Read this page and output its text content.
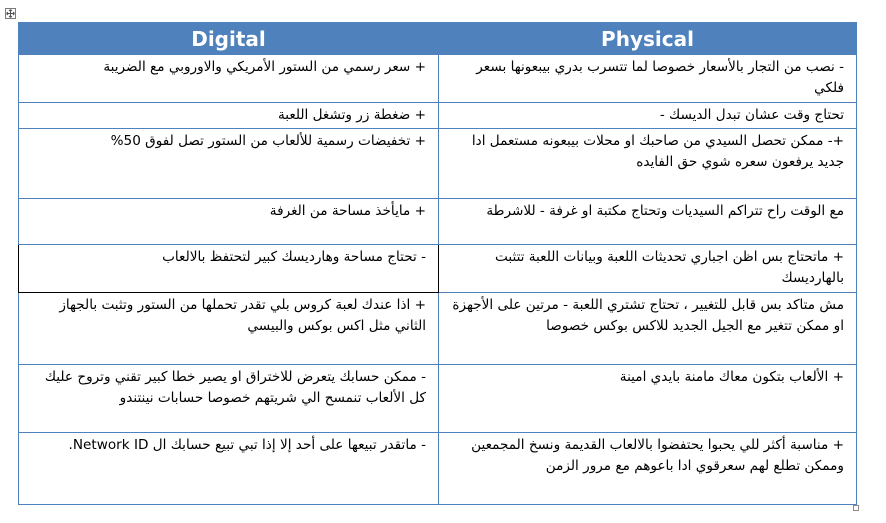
Digital	Physical
+ سعر رسمي من الستور الأمريكي والاوروبي مع الضريبة	- نصب من التجار بالأسعار خصوصا لما تتسرب بدري بيبعونها بسعر فلكي
+ ضغطة زر وتشغل اللعبة	تحتاج وقت عشان تبدل الديسك -
+ تخفيضات رسمية للألعاب من الستور تصل لفوق 50%	+- ممكن تحصل السيدي من صاحبك او محلات بيبعونه مستعمل ادا جديد يرفعون سعره شوي حق الفايده
+ مايأخذ مساحة من الغرفة	مع الوقت راح تتراكم السيديات وتحتاج مكتبة او غرفة - للاشرطة
- تحتاج مساحة وهارديسك كبير لتحتفظ بالالعاب	+ ماتحتاج بس اظن اجباري تحديثات اللعبة وبيانات اللعبة تتثبت بالهارديسك
+ اذا عندك لعبة كروس بلي تقدر تحملها من الستور وتثبت بالجهاز الثاني مثل اكس بوكس والبيسي	مش متاكد بس قابل للتغيير ، تحتاج تشتري اللعبة - مرتين على الأجهزة او ممكن تتغير مع الجيل الجديد للاكس بوكس خصوصا
- ممكن حسابك يتعرض للاختراق او يصير خطا كبير تقني وتروح عليك كل الألعاب تنمسح الي شريتهم خصوصا حسابات نينتندو	+ الألعاب بتكون معاك مامنة بايدي امينة
- ماتقدر تبيعها على أحد إلا إذا تبي تبيع حسابك ال Network ID.	+ مناسبة أكثر للي يحبوا يحتفضوا بالالعاب القديمة ونسخ المجمعين وممكن تطلع لهم سعرقوي ادا باعوهم مع مرور الزمن
